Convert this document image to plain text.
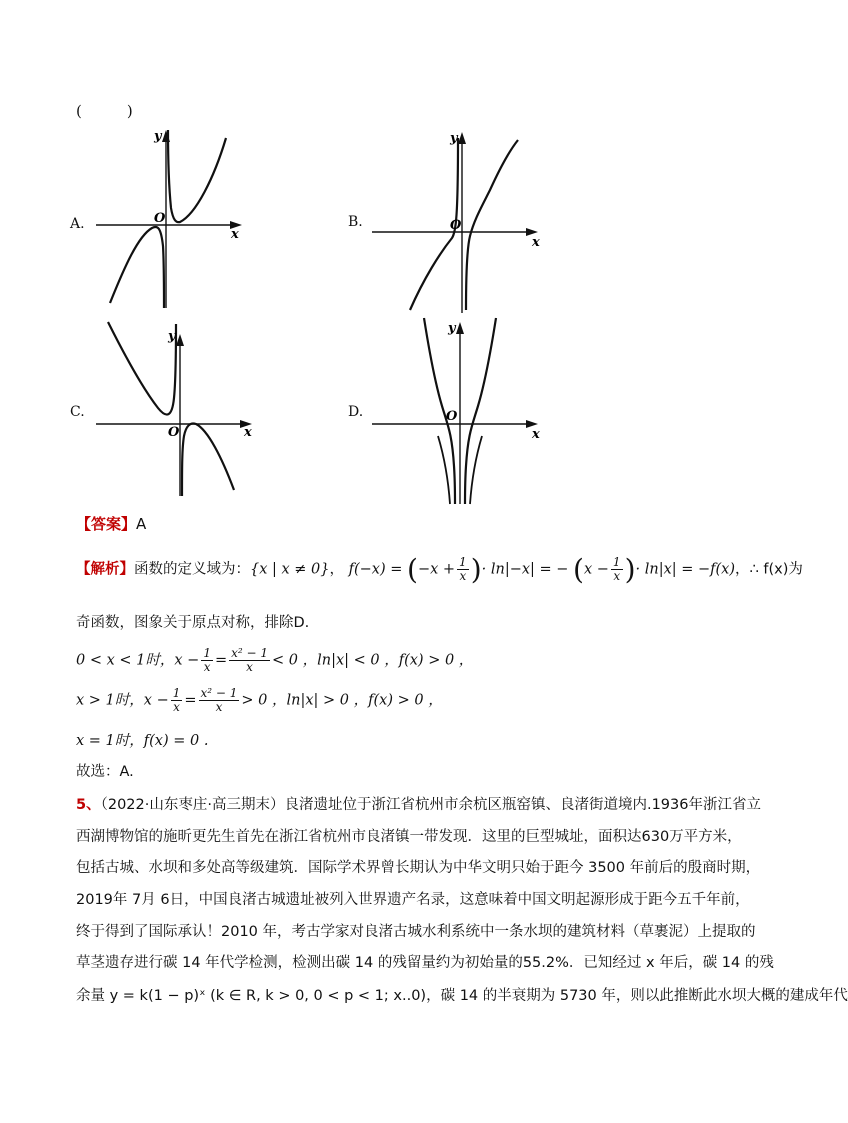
(　　　)
A.
y
x
O	B.
y
x
O
C.
y
x
O
D.
y
x
O
【答案】A
【解析】函数的定义域为：{x | x ≠ 0}， $f(-x) = (-x + \frac{1}{x}$ )· ln|−x| = − ($x - \frac{1}{x}$ )· ln|x| = −f(x)，∴ f(x)为
奇函数，图象关于原点对称，排除D.
0 < x < 1时，$x - \frac{1}{x} = \frac{\text{x² − 1}}{x} < 0$ ，ln|x| < 0 ，f(x) > 0 ，
x > 1时，$x - \frac{1}{x} = \frac{\text{x² − 1}}{x} > 0$ ，ln|x| > 0 ，f(x) > 0 ，
x = 1时，f(x) = 0 .
故选：A.
5、（2022·山东枣庄·高三期末）良渚遗址位于浙江省杭州市余杭区瓶窑镇、良渚街道境内.1936年浙江省立
西湖博物馆的施昕更先生首先在浙江省杭州市良渚镇一带发现．这里的巨型城址，面积达630万平方米，
包括古城、水坝和多处高等级建筑．国际学术界曾长期认为中华文明只始于距今 3500 年前后的殷商时期，
2019年 7月 6日，中国良渚古城遗址被列入世界遗产名录，这意味着中国文明起源形成于距今五千年前，
终于得到了国际承认！2010 年，考古学家对良渚古城水利系统中一条水坝的建筑材料（草裹泥）上提取的
草茎遗存进行碳 14 年代学检测，检测出碳 14 的残留量约为初始量的55.2%．已知经过 x 年后，碳 14 的残
余量 y = k(1 − p)ˣ (k ∈ R, k > 0, 0 < p < 1; x..0)，碳 14 的半衰期为 5730 年，则以此推断此水坝大概的建成年代
